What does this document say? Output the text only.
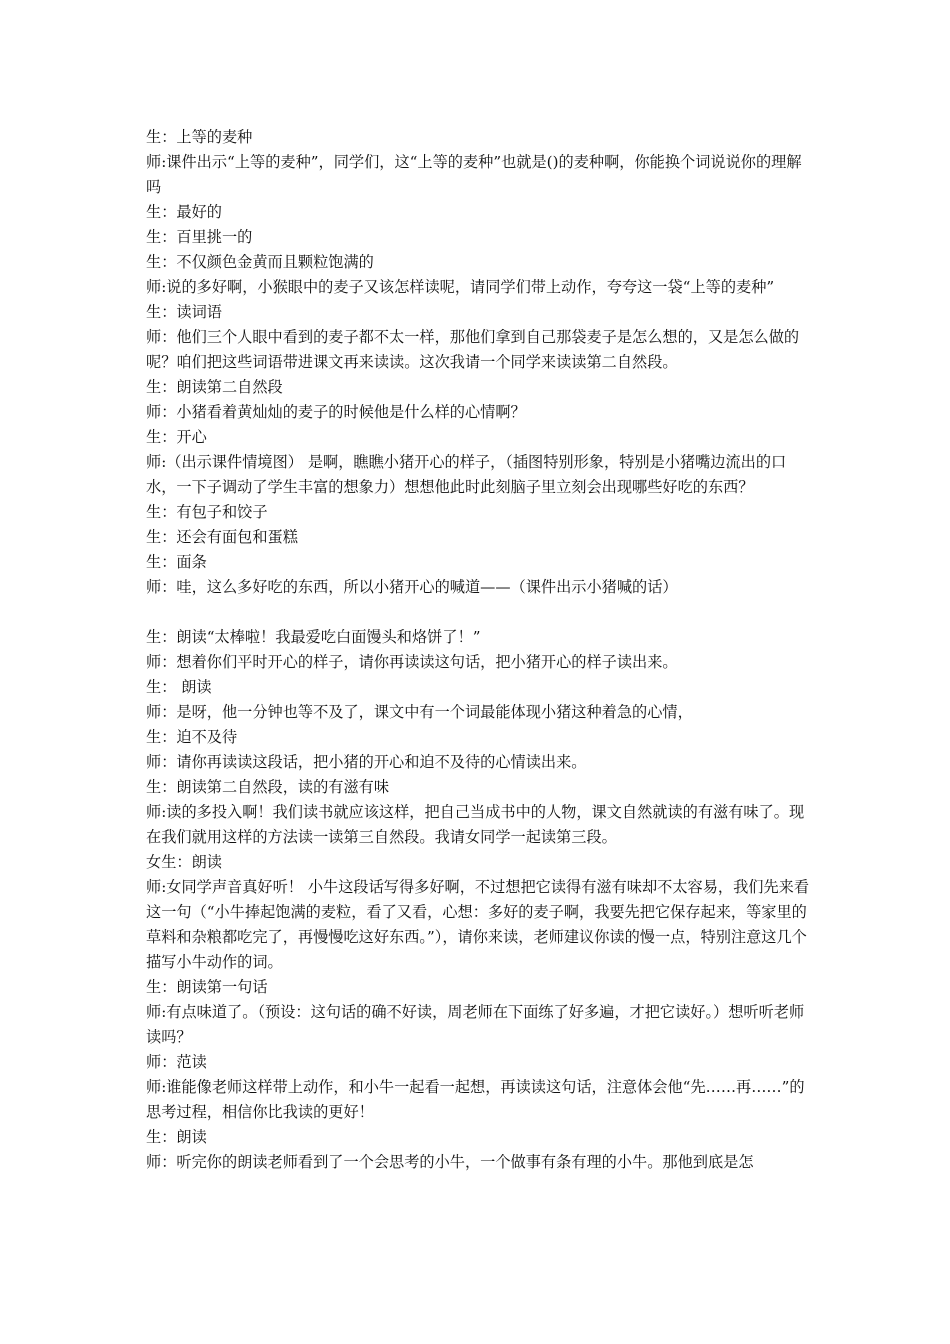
生：上等的麦种

师:课件出示“上等的麦种”，同学们，这“上等的麦种”也就是()的麦种啊，你能换个词说说你的理解吗

生：最好的

生：百里挑一的

生：不仅颜色金黄而且颗粒饱满的

师:说的多好啊，小猴眼中的麦子又该怎样读呢，请同学们带上动作，夸夸这一袋“上等的麦种”

生：读词语

师：他们三个人眼中看到的麦子都不太一样，那他们拿到自己那袋麦子是怎么想的，又是怎么做的呢？咱们把这些词语带进课文再来读读。这次我请一个同学来读读第二自然段。

生：朗读第二自然段

师：小猪看着黄灿灿的麦子的时候他是什么样的心情啊？

生：开心

师:（出示课件情境图） 是啊，瞧瞧小猪开心的样子，（插图特别形象，特别是小猪嘴边流出的口水，一下子调动了学生丰富的想象力）想想他此时此刻脑子里立刻会出现哪些好吃的东西？

生：有包子和饺子

生：还会有面包和蛋糕

生：面条

师：哇，这么多好吃的东西，所以小猪开心的喊道——（课件出示小猪喊的话）

生：朗读“太棒啦！我最爱吃白面馒头和烙饼了！”

师：想着你们平时开心的样子，请你再读读这句话，把小猪开心的样子读出来。

生： 朗读

师：是呀，他一分钟也等不及了，课文中有一个词最能体现小猪这种着急的心情，

生：迫不及待

师：请你再读读这段话，把小猪的开心和迫不及待的心情读出来。

生：朗读第二自然段，读的有滋有味

师:读的多投入啊！我们读书就应该这样，把自己当成书中的人物，课文自然就读的有滋有味了。现在我们就用这样的方法读一读第三自然段。我请女同学一起读第三段。

女生：朗读

师:女同学声音真好听！ 小牛这段话写得多好啊，不过想把它读得有滋有味却不太容易，我们先来看这一句（“小牛捧起饱满的麦粒，看了又看，心想：多好的麦子啊，我要先把它保存起来，等家里的草料和杂粮都吃完了，再慢慢吃这好东西。”），请你来读，老师建议你读的慢一点，特别注意这几个描写小牛动作的词。

生：朗读第一句话

师:有点味道了。（预设：这句话的确不好读，周老师在下面练了好多遍，才把它读好。）想听听老师读吗？

师：范读

师:谁能像老师这样带上动作，和小牛一起看一起想，再读读这句话，注意体会他“先……再……”的思考过程，相信你比我读的更好！

生：朗读

师：听完你的朗读老师看到了一个会思考的小牛，一个做事有条有理的小牛。那他到底是怎
